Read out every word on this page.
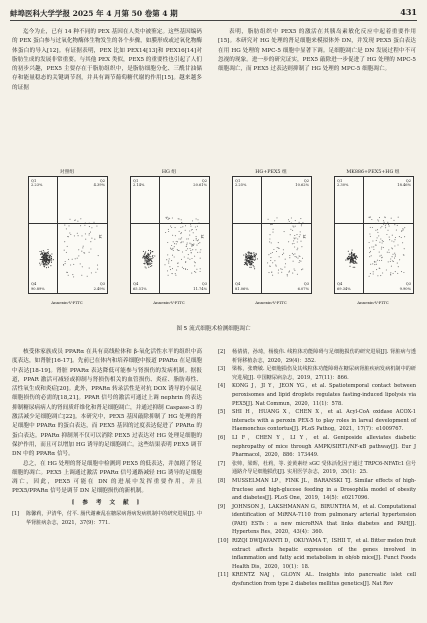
蚌埠医科大学学报 2025 年 4 月第 50 卷第 4 期	431

迄今为止，已有 14 种不同的 PEX 基因在人类中被鉴定。这些基因编码的 PEX 蛋白参与过氧化物酶体生物发生的各个步骤，如膜形成或过氧化物酶体蛋白的导入[12]。有证据表明，PEX 比如 PEX14[13]和 PEX16[14]对脂肪生成的发展非常重要。与其他 PEX 类似，PEX5 的重要性也引起了人们的初步兴趣，PEX5 主要存在于脂肪组织中，是脂肪细胞分化、三酰甘油储存和能量稳态的关键调节剂，并具有调节葡萄糖代谢的作用[15]。越来越多的证据

表明，脂肪组织中 PEX5 的激活在其胰岛素敏化反应中起着重要作用[15]。本研究对 HG 处理的肾足细胞来模拟体外 DN，并发现 PEX5 蛋白表达在用 HG 处理的 MPC-5 细胞中显著下调。足细胞凋亡是 DN 发展过程中不可忽视的现象。进一步的研究证实，PEX5 敲除进一步促进了 HG 处理的 MPC-5 细胞凋亡，而 PEX5 过表达则抑制了 HG 处理的 MPC-5 细胞凋亡。

对照组
Q1
2.23%
Q2
4.39%
Q4
90.89%
Q3
2.49%
Annexin-V-FITC
HG 组
PI
Q1
2.14%
Q2
20.61%
Q4
65.51%
Q3
11.74%
Annexin-V-FITC
HG+PEX5 组
PI
Q1
2.25%
Q2
10.62%
Q4
81.06%
Q3
6.07%
Annexin-V-FITC
MK886+PEX5+HG 组
PI
Q1
2.30%
Q2
18.46%
Q4
69.34%
Q3
9.90%
Annexin-V-FITC
图 5 流式细胞术检测细胞凋亡

核受体家族成员 PPARα 在具有高线粒体和 β-氧化活性水平的组织中高度表达，如肾脏[16-17]。先前已在体内和培养细胞中报道 PPARα 在足细胞中表达[18-19]。肾脏 PPARα 表达降低可能参与肾损伤的发病机制。据报道，PPAR 激活可减轻或抑制与肾损伤相关的血管损伤、炎症、脂肪毒性、活性氧生成和炎症[20]。此外，PPARα 转录活性是对抗 DOX 诱导的小鼠足细胞损伤的必需的[18,21]。PPAR 信号的激活可通过上调 nephrin 的表达抑制糖尿病病人的肾间质纤维化和肾足细胞凋亡，并通过抑制 Caspase-3 的激活减少足细胞凋亡[22]。本研究中，PEX5 基因敲除抑制了 HG 处理的肾足细胞中 PPARα 的蛋白表达，而 PEX5 基因的过度表达促进了 PPARα 的蛋白表达。PPARα 抑制剂不仅可以消除 PEX5 过表达对 HG 处理足细胞的保护作用，而且可以增加 HG 诱导的足细胞凋亡。这些结果表明 PEX5 调节 DN 中的 PPARα 信号。

总之，在 HG 处理的肾足细胞中检测到 PEX5 的低表达，并加剧了肾足细胞的凋亡。PEX5 上调通过激活 PPARα 信号通路减轻 HG 诱导的足细胞凋亡，因此，PEX5 可能在 DN 的进展中发挥重要作用，并且 PEX5/PPARα 信号是调节 DN 足细胞损伤的新机制。

[ 参 考 文 献 ]
[1]	陈馨莉，尹清华，付平. 肠代谢紊乱在糖尿病肾病发病机制中的研究进展[J]. 中华肾脏病杂志，2021，37(9)：771.
[2]	杨倩倩，孙琦，杨俊伟. 线粒体功能障碍与足细胞损伤的研究进展[J]. 肾脏病与透析肾移植杂志，2020，29(4)：352.
[3]	梁栋，张晓敏. 足细胞损伤及其线粒体功能障碍在糖尿病肾脏疾病发病机制中的研究进展[J]. 中国糖尿病杂志，2019，27(11)：866.
[4]	KONG J，JI Y，JEON YG，et al. Spatiotemporal contact between peroxisomes and lipid droplets regulates fasting-induced lipolysis via PEX5[J]. Nat Commun，2020，11(1)：578.
[5]	SHI H，HUANG X，CHEN X，et al. Acyl-CoA oxidase ACOX-1 interacts with a peroxin PEX-5 to play roles in larval development of Haemonchus contortus[J]. PLoS Pathog，2021，17(7)：e1009767.
[6]	LI F，CHEN Y，LI Y，et al. Geniposide alleviates diabetic nephropathy of mice through AMPK/SIRT1/NF-κB pathway[J]. Eur J Pharmacol，2020，886：173449.
[7]	张帅，梁晖，杜莉，等. 姜黄素经 sGC 受体活化因子通过 TRPC6-NFATc1 信号通路介导足细胞损伤[J]. 实用医学杂志，2019，35(1)：25.
[8]	MUSSELMAN LP，FINK JL，BARANSKI TJ. Similar effects of high-fructose and high-glucose feeding in a Drosophila model of obesity and diabetes[J]. PLoS One，2019，14(5)：e0217096.
[9]	JOHNSON J，LAKSHMANAN G，BIRUNTHA M，et al. Computational identification of MiRNA-7110 from pulmonary arterial hypertension (PAH) ESTs：a new microRNA that links diabetes and PAH[J]. Hypertens Res，2020，43(4)：360.
[10] RIZQI DWIJAYANTI D，OKUYAMA T，ISHII T，et al. Bitter melon fruit extract affects hepatic expression of the genes involved in inflammation and fatty acid metabolism in ob/ob mice[J]. Funct Foods Health Dis，2020，10(1)：18.
[11] KRENTZ NAJ，GLOYN AL. Insights into pancreatic islet cell dysfunction from type 2 diabetes mellitus genetics[J]. Nat Rev
